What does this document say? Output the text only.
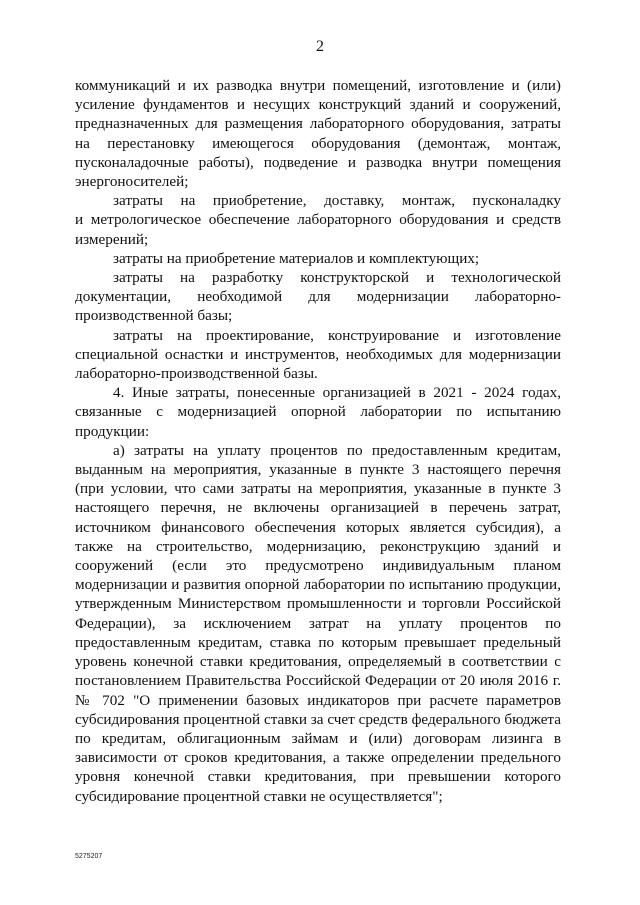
2
коммуникаций и их разводка внутри помещений, изготовление и (или)
усиление фундаментов и несущих конструкций зданий и сооружений,
предназначенных для размещения лабораторного оборудования, затраты
на перестановку имеющегося оборудования (демонтаж, монтаж,
пусконаладочные работы), подведение и разводка внутри помещения
энергоносителей;
затраты на приобретение, доставку, монтаж, пусконаладку
и метрологическое обеспечение лабораторного оборудования и средств
измерений;
затраты на приобретение материалов и комплектующих;
затраты на разработку конструкторской и технологической
документации, необходимой для модернизации лабораторно-
производственной базы;
затраты на проектирование, конструирование и изготовление
специальной оснастки и инструментов, необходимых для модернизации
лабораторно-производственной базы.
4. Иные затраты, понесенные организацией в 2021 - 2024 годах,
связанные с модернизацией опорной лаборатории по испытанию
продукции:
а) затраты на уплату процентов по предоставленным кредитам,
выданным на мероприятия, указанные в пункте 3 настоящего перечня
(при условии, что сами затраты на мероприятия, указанные в пункте 3
настоящего перечня, не включены организацией в перечень затрат,
источником финансового обеспечения которых является субсидия), а
также на строительство, модернизацию, реконструкцию зданий и
сооружений (если это предусмотрено индивидуальным планом
модернизации и развития опорной лаборатории по испытанию продукции,
утвержденным Министерством промышленности и торговли Российской
Федерации), за исключением затрат на уплату процентов по
предоставленным кредитам, ставка по которым превышает предельный
уровень конечной ставки кредитования, определяемый в соответствии с
постановлением Правительства Российской Федерации от 20 июля 2016 г.
№ 702 "О применении базовых индикаторов при расчете параметров
субсидирования процентной ставки за счет средств федерального бюджета
по кредитам, облигационным займам и (или) договорам лизинга в
зависимости от сроков кредитования, а также определении предельного
уровня конечной ставки кредитования, при превышении которого
субсидирование процентной ставки не осуществляется";
5275207
